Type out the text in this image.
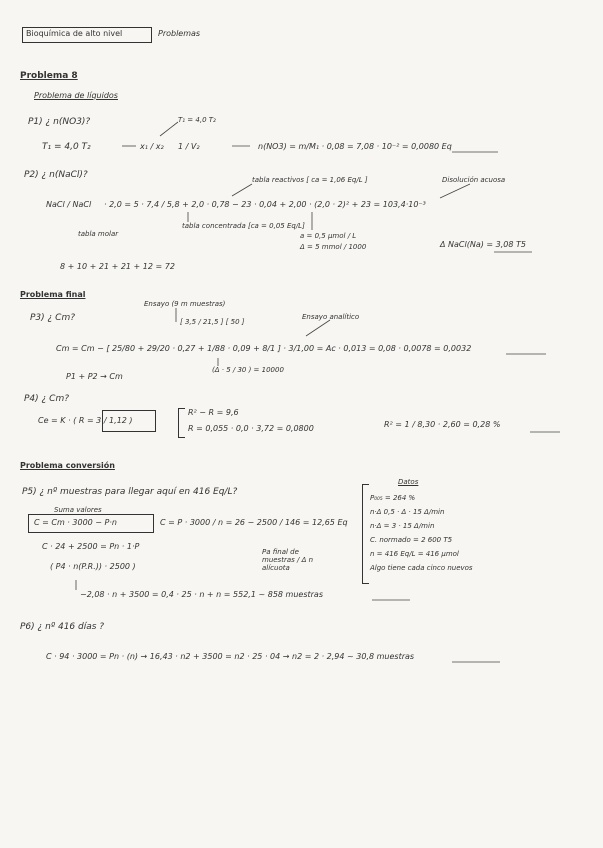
Bioquímica de alto nivel	Problemas
Problema 8
Problema de líquidos
P1) ¿ n(NO3)?	T₁ = 4,0 T₂
T₁ = 4,0 T₂	x₁ / x₂ 1 / V₂	n(NO3) = m/M₁ · 0,08 = 7,08 · 10⁻² = 0,0080 Eq
P2) ¿ n(NaCl)?	tabla reactivos [ ca = 1,06 Eq/L ]	Disolución acuosa
NaCl / NaCl · 2,0 = 5 · 7,4 / 5,8 + 2,0 · 0,78 − 23 · 0,04 + 2,00 · (2,0 · 2)² + 23 = 103,4·10⁻³
tabla molar
tabla concentrada [ca = 0,05 Eq/L]
a = 0,5 μmol / L
Δ = 5 mmol / 1000	Δ NaCl(Na) = 3,08 T5
8 + 10 + 21 + 21 + 12 = 72
Problema final
Ensayo (9 m muestras)
[ 3,5 / 21,5 ] [ 50 ]
Ensayo analítico
P3) ¿ Cm?
Cm = Cm − [ 25/80 + 29/20 · 0,27 + 1/88 · 0,09 + 8/1 ] · 3/1,00 = Ac · 0,013 = 0,08 · 0,0078 = 0,0032
(Δ · 5 / 30 ) = 10000
P1 + P2 → Cm
P4) ¿ Cm?
Ce = K · ( R = 3 / 1,12 )
R² − R = 9,6
R = 0,055 · 0,0 · 3,72 = 0,0800	R² = 1 / 8,30 · 2,60 = 0,28 %
Problema conversión
P5) ¿ nº muestras para llegar aquí en 416 Eq/L?
Suma valores
C = Cm · 3000 − P·n	C = P · 3000 / n = 26 − 2500 / 146 = 12,65 Eq
C · 24 + 2500 = Pn · 1·P
Pa final de muestras / Δ n alícuota
( P4 · n(P.R.)) · 2500 )
−2,08 · n + 3500 = 0,4 · 25 · n + n = 552,1 ~ 858 muestras
Datos
P₀₀₅ = 264 %
n·Δ 0,5 · Δ · 15 Δ/min
n·Δ = 3 · 15 Δ/min
C. normado = 2 600 T5
n = 416 Eq/L = 416 μmol
Algo tiene cada cinco nuevos
P6) ¿ nº 416 días ?
C · 94 · 3000 = Pn · (n) → 16,43 · n2 + 3500 = n2 · 25 · 04 → n2 = 2 · 2,94 ~ 30,8 muestras
